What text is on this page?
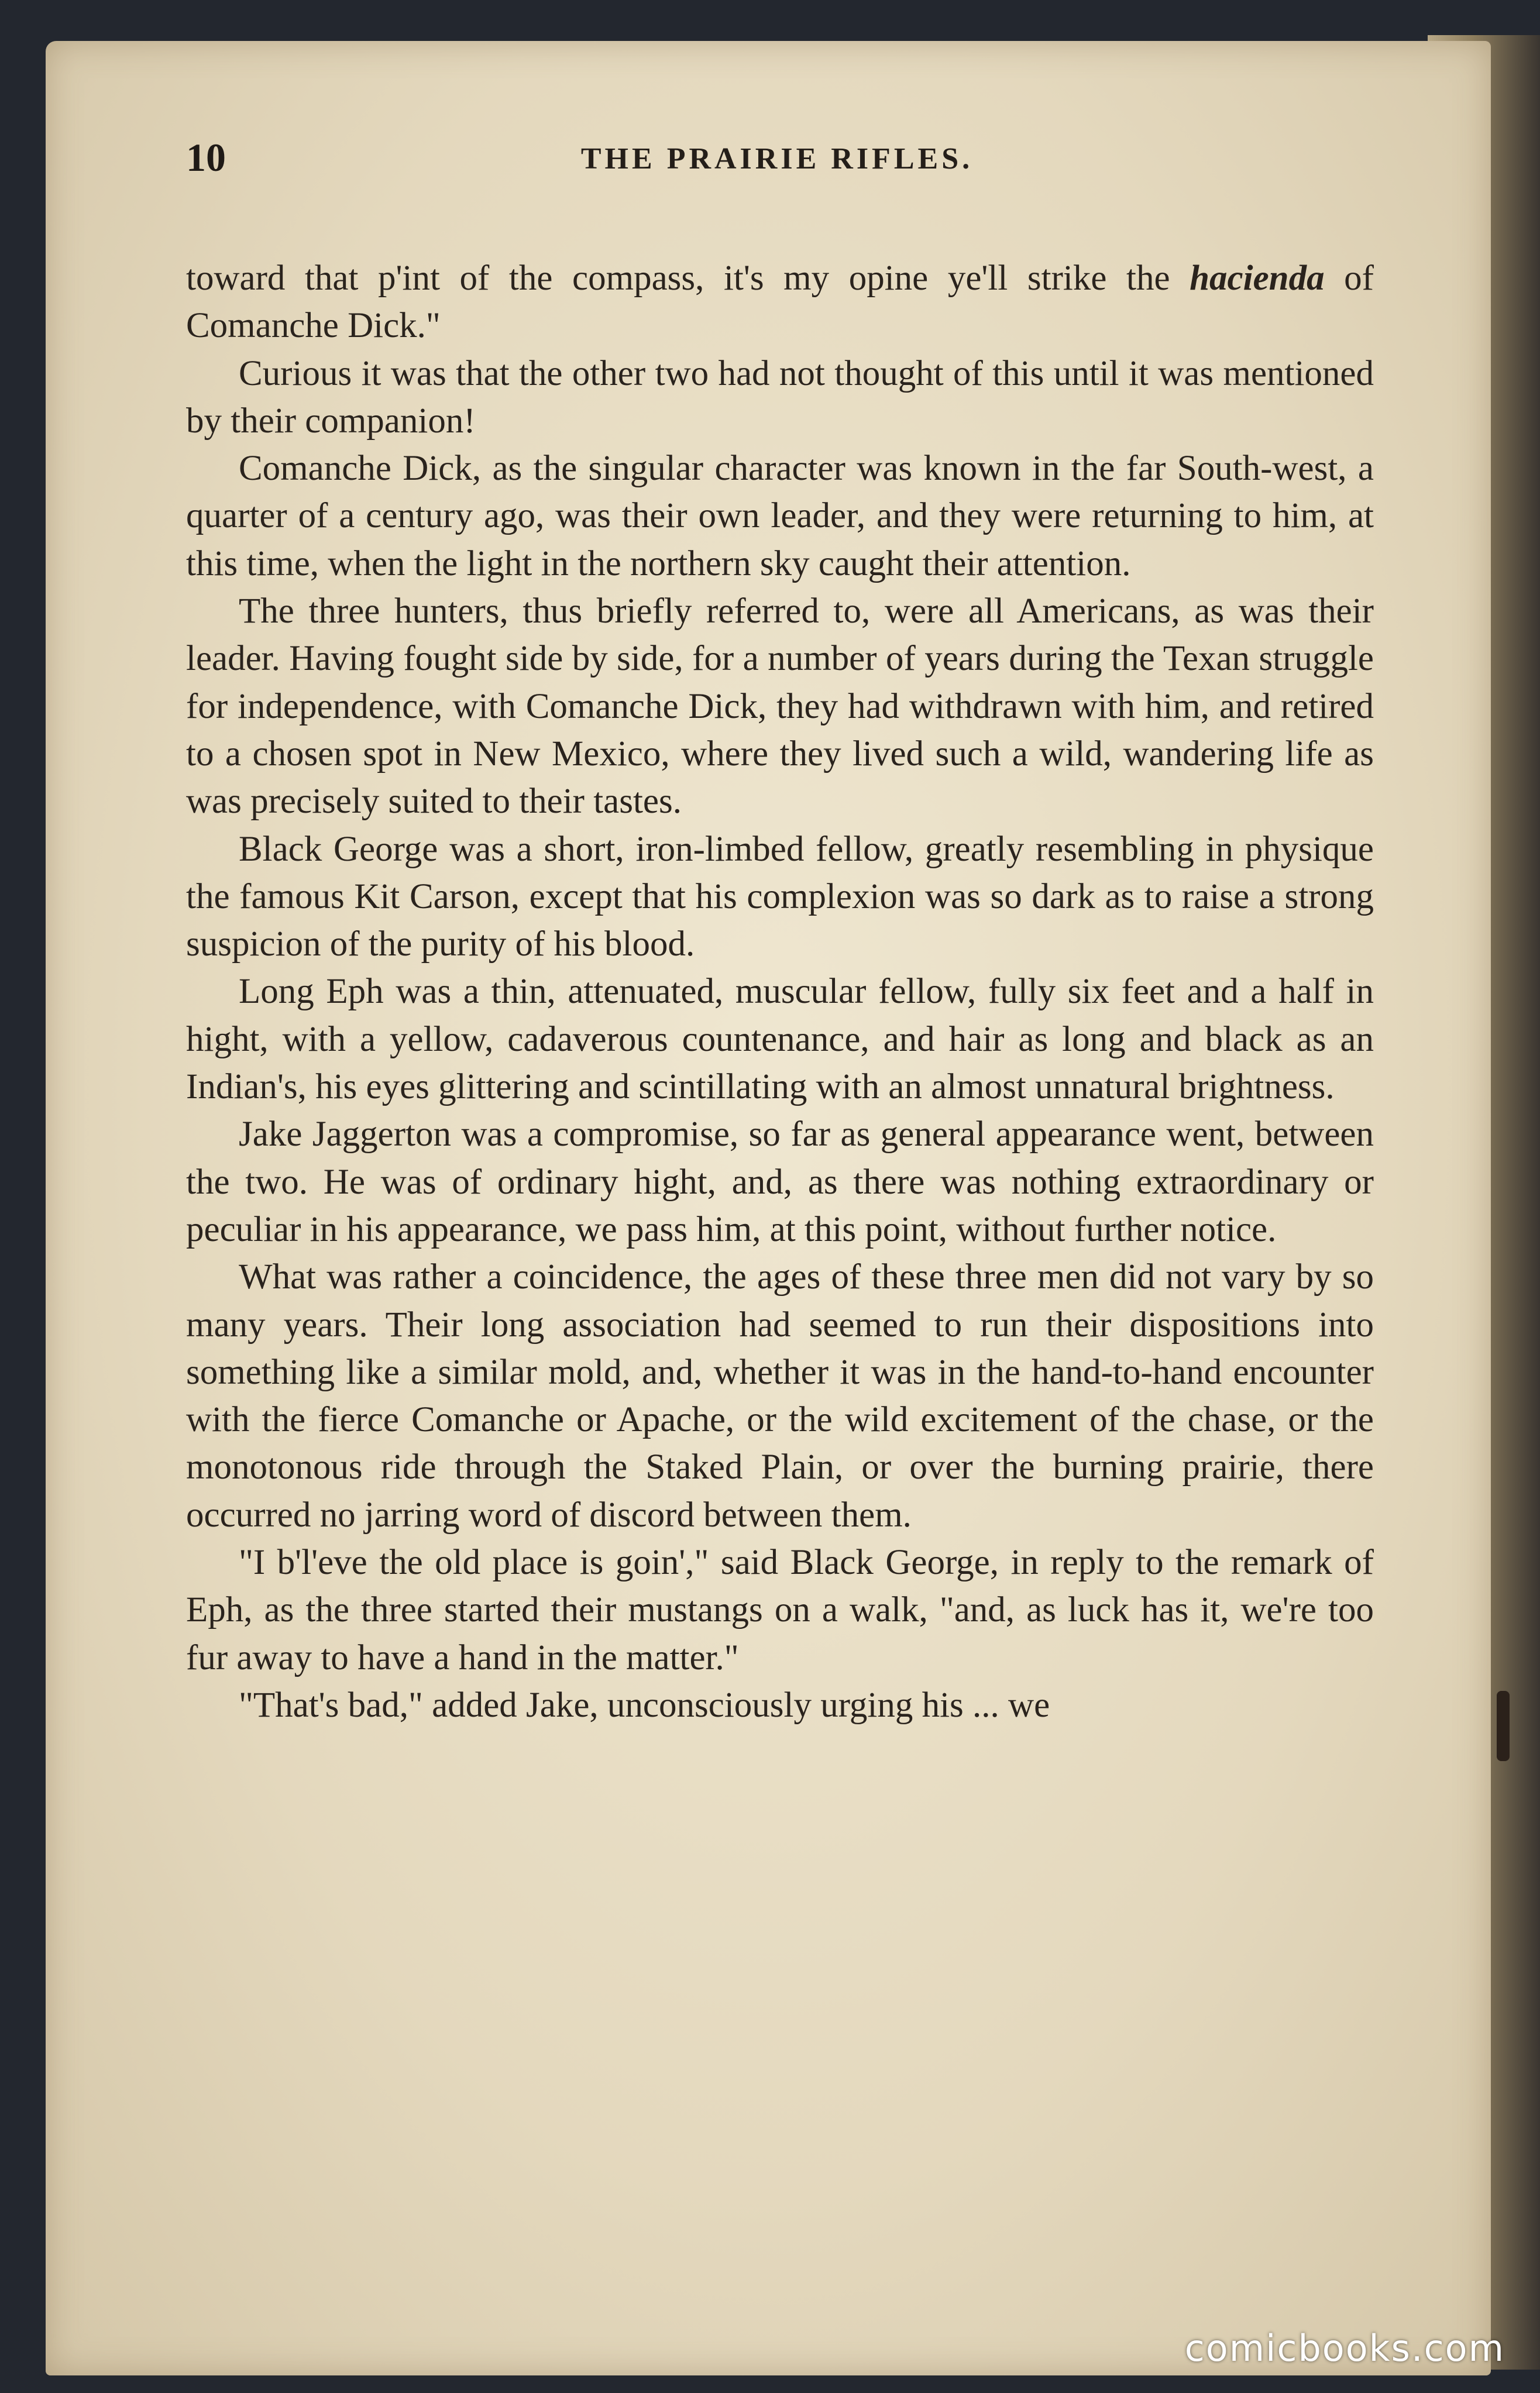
10	THE PRAIRIE RIFLES.

toward that p'int of the compass, it's my opine ye'll strike the hacienda of Comanche Dick."

Curious it was that the other two had not thought of this until it was mentioned by their companion!

Comanche Dick, as the singular character was known in the far South-west, a quarter of a century ago, was their own leader, and they were returning to him, at this time, when the light in the northern sky caught their attention.

The three hunters, thus briefly referred to, were all Americans, as was their leader. Having fought side by side, for a number of years during the Texan struggle for independence, with Comanche Dick, they had withdrawn with him, and retired to a chosen spot in New Mexico, where they lived such a wild, wandering life as was precisely suited to their tastes.

Black George was a short, iron-limbed fellow, greatly resembling in physique the famous Kit Carson, except that his complexion was so dark as to raise a strong suspicion of the purity of his blood.

Long Eph was a thin, attenuated, muscular fellow, fully six feet and a half in hight, with a yellow, cadaverous countenance, and hair as long and black as an Indian's, his eyes glittering and scintillating with an almost unnatural brightness.

Jake Jaggerton was a compromise, so far as general appearance went, between the two. He was of ordinary hight, and, as there was nothing extraordinary or peculiar in his appearance, we pass him, at this point, without further notice.

What was rather a coincidence, the ages of these three men did not vary by so many years. Their long association had seemed to run their dispositions into something like a similar mold, and, whether it was in the hand-to-hand encounter with the fierce Comanche or Apache, or the wild excitement of the chase, or the monotonous ride through the Staked Plain, or over the burning prairie, there occurred no jarring word of discord between them.

"I b'l'eve the old place is goin'," said Black George, in reply to the remark of Eph, as the three started their mustangs on a walk, "and, as luck has it, we're too fur away to have a hand in the matter."

"That's bad," added Jake, unconsciously urging his ... we

comicbooks.com
